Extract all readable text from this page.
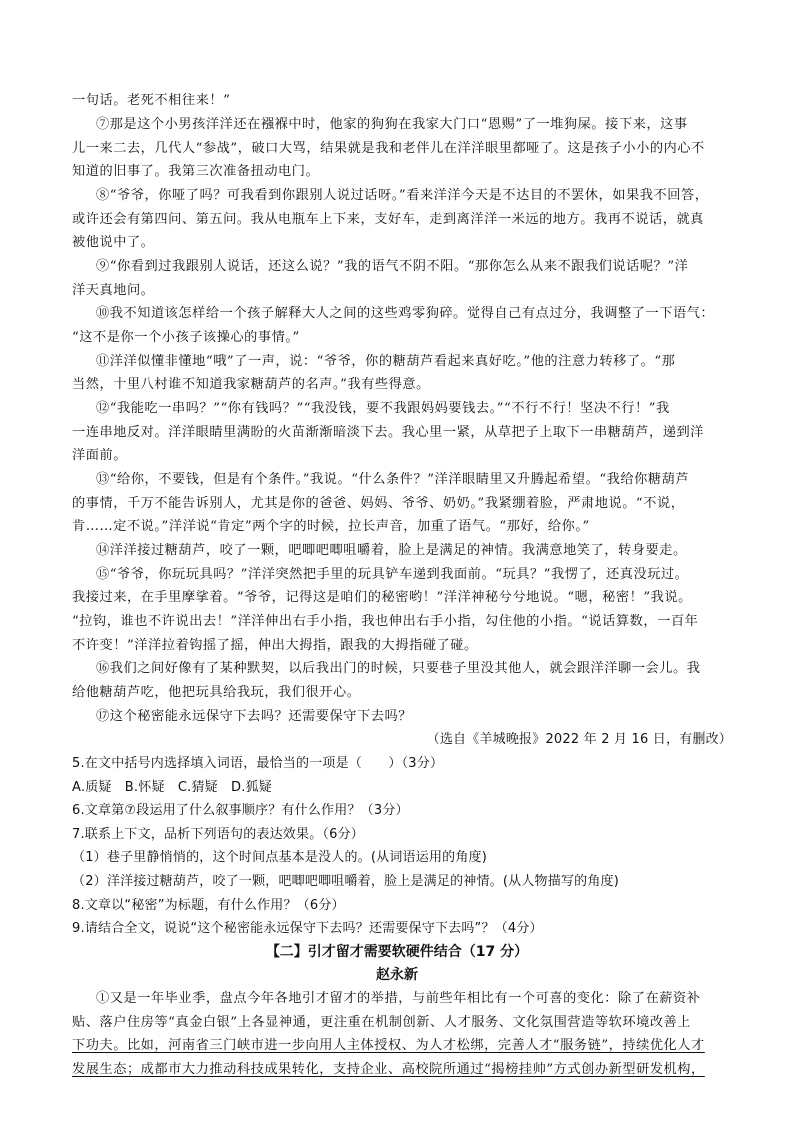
一句话。老死不相往来！”
⑦那是这个小男孩洋洋还在襁褓中时，他家的狗狗在我家大门口“恩赐”了一堆狗屎。接下来，这事
儿一来二去，几代人“参战”，破口大骂，结果就是我和老伴儿在洋洋眼里都哑了。这是孩子小小的内心不
知道的旧事了。我第三次准备扭动电门。
⑧“爷爷，你哑了吗？可我看到你跟别人说过话呀。”看来洋洋今天是不达目的不罢休，如果我不回答，
或许还会有第四问、第五问。我从电瓶车上下来，支好车，走到离洋洋一米远的地方。我再不说话，就真
被他说中了。
⑨“你看到过我跟别人说话，还这么说？”我的语气不阴不阳。“那你怎么从来不跟我们说话呢？”洋
洋天真地问。
⑩我不知道该怎样给一个孩子解释大人之间的这些鸡零狗碎。觉得自己有点过分，我调整了一下语气：
“这不是你一个小孩子该操心的事情。”
⑪洋洋似懂非懂地“哦”了一声，说：“爷爷，你的糖葫芦看起来真好吃。”他的注意力转移了。“那
当然，十里八村谁不知道我家糖葫芦的名声。”我有些得意。
⑫“我能吃一串吗？”“你有钱吗？”“我没钱，要不我跟妈妈要钱去。”“不行不行！坚决不行！”我
一连串地反对。洋洋眼睛里满盼的火苗渐渐暗淡下去。我心里一紧，从草把子上取下一串糖葫芦，递到洋
洋面前。
⑬“给你，不要钱，但是有个条件。”我说。“什么条件？”洋洋眼睛里又升腾起希望。“我给你糖葫芦
的事情，千万不能告诉别人，尤其是你的爸爸、妈妈、爷爷、奶奶。”我紧绷着脸，严肃地说。“不说，
肯……定不说。”洋洋说“肯定”两个字的时候，拉长声音，加重了语气。“那好，给你。”
⑭洋洋接过糖葫芦，咬了一颗，吧唧吧唧咀嚼着，脸上是满足的神情。我满意地笑了，转身要走。
⑮“爷爷，你玩玩具吗？”洋洋突然把手里的玩具铲车递到我面前。“玩具？”我愣了，还真没玩过。
我接过来，在手里摩挲着。“爷爷，记得这是咱们的秘密哟！”洋洋神秘兮兮地说。“嗯，秘密！”我说。
“拉钩，谁也不许说出去！”洋洋伸出右手小指，我也伸出右手小指，勾住他的小指。“说话算数，一百年
不许变！”洋洋拉着钩摇了摇，伸出大拇指，跟我的大拇指碰了碰。
⑯我们之间好像有了某种默契，以后我出门的时候，只要巷子里没其他人，就会跟洋洋聊一会儿。我
给他糖葫芦吃，他把玩具给我玩，我们很开心。
⑰这个秘密能永远保守下去吗？还需要保守下去吗？
（选自《羊城晚报》2022 年 2 月 16 日，有删改）
5.在文中括号内选择填入词语，最恰当的一项是（　　）（3分）
A.质疑　B.怀疑　C.猜疑　D.狐疑
6.文章第⑦段运用了什么叙事顺序？有什么作用？（3分）
7.联系上下文，品析下列语句的表达效果。（6分）
（1）巷子里静悄悄的，这个时间点基本是没人的。(从词语运用的角度)
（2）洋洋接过糖葫芦，咬了一颗，吧唧吧唧咀嚼着，脸上是满足的神情。(从人物描写的角度)
8.文章以“秘密”为标题，有什么作用？（6分）
9.请结合全文，说说“这个秘密能永远保守下去吗？还需要保守下去吗”？（4分）
【二】引才留才需要软硬件结合（17 分）
赵永新
①又是一年毕业季，盘点今年各地引才留才的举措，与前些年相比有一个可喜的变化：除了在薪资补
贴、落户住房等“真金白银”上各显神通，更注重在机制创新、人才服务、文化氛围营造等软环境改善上
下功夫。比如，河南省三门峡市进一步向用人主体授权、为人才松绑，完善人才“服务链”，持续优化人才
发展生态；成都市大力推动科技成果转化，支持企业、高校院所通过“揭榜挂帅”方式创办新型研发机构，
